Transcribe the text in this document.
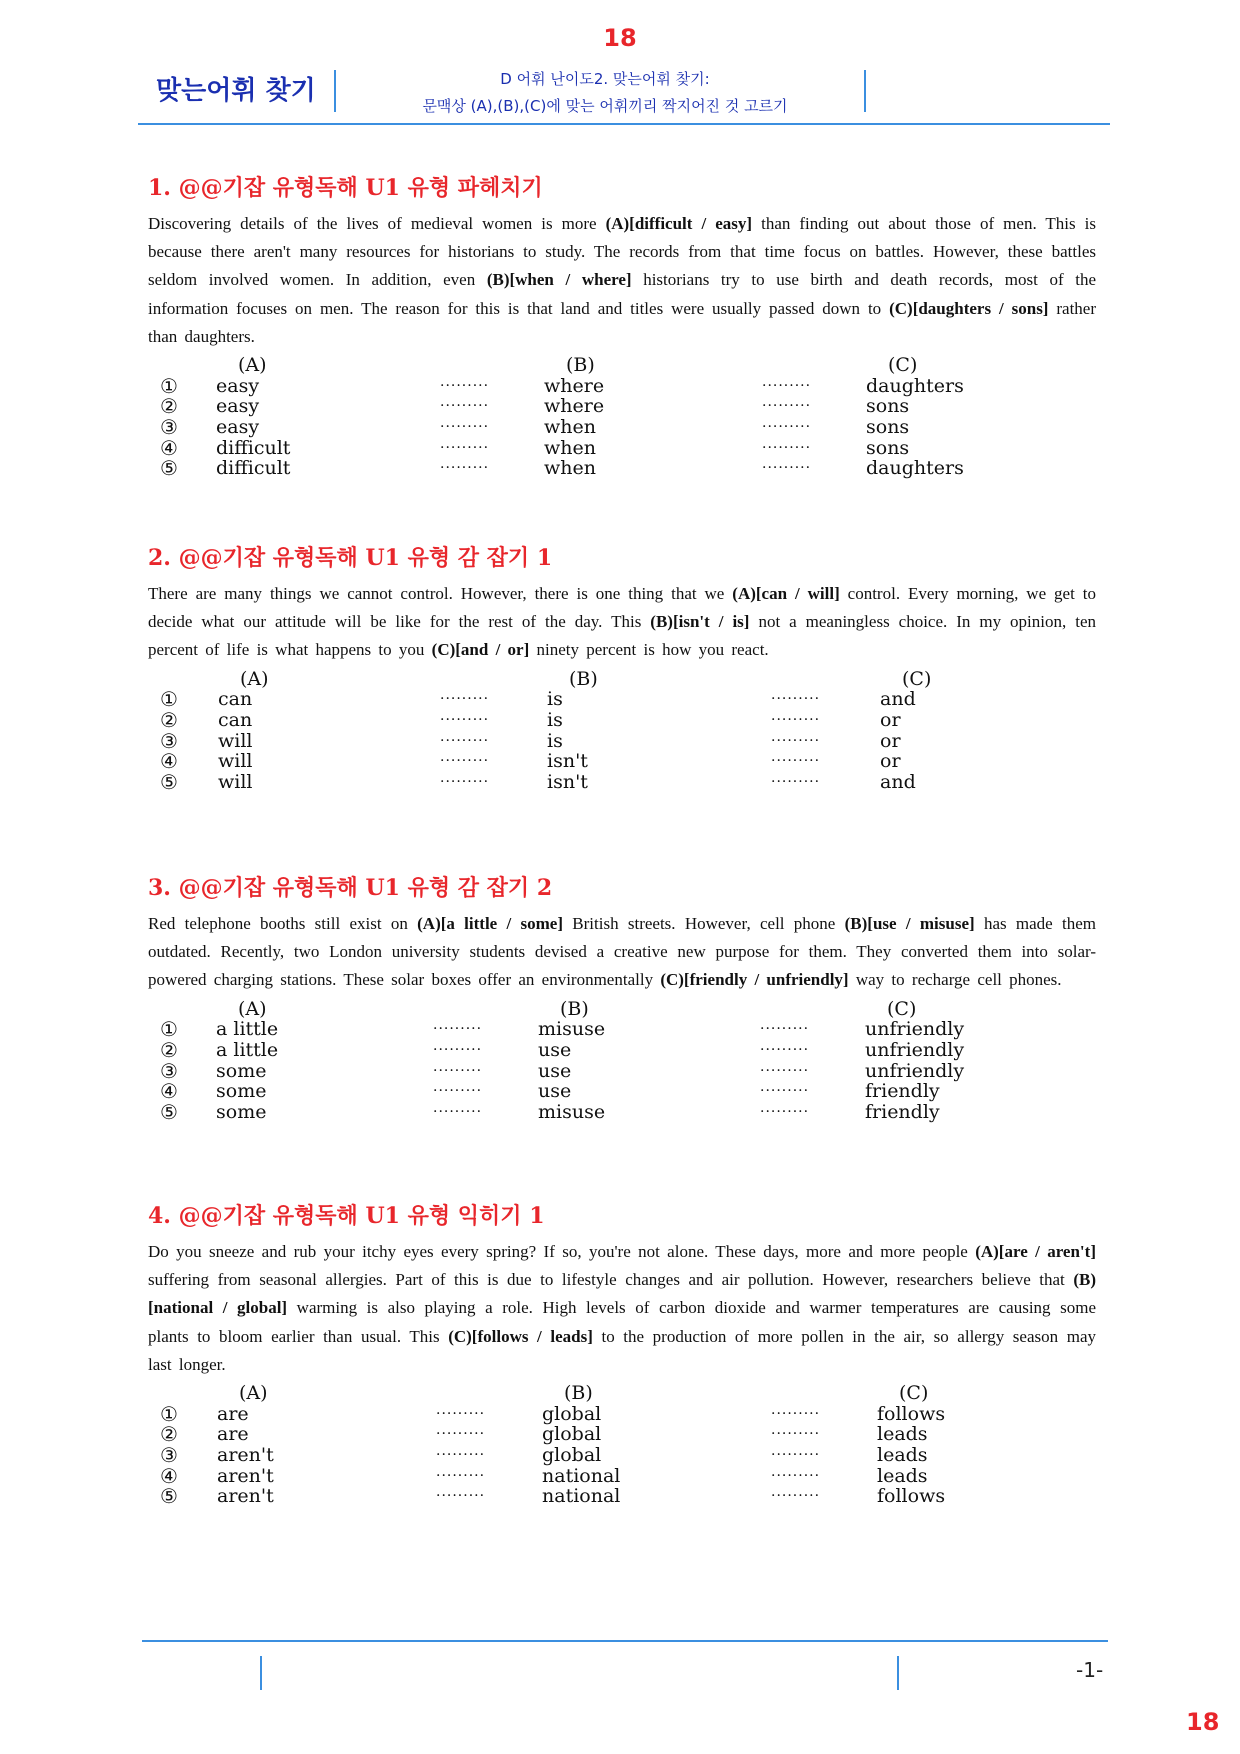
18
맞는어휘 찾기	D 어휘 난이도2. 맞는어휘 찾기:
문맥상 (A),(B),(C)에 맞는 어휘끼리 짝지어진 것 고르기
1. @@기잡 유형독해 U1 유형 파헤치기
Discovering details of the lives of medieval women is more (A)[difficult / easy] than finding out about those of men. This is because there aren't many resources for historians to study. The records from that time focus on battles. However, these battles seldom involved women. In addition, even (B)[when / where] historians try to use birth and death records, most of the information focuses on men. The reason for this is that land and titles were usually passed down to (C)[daughters / sons] rather than daughters.
(A)	(B)	(C)
① easy	where	daughters
·········	·········
② easy	where	sons
·········	·········
③ easy	when	sons
·········	·········
④ difficult	when	sons
·········	·········
⑤ difficult	when	daughters
·········	·········
2. @@기잡 유형독해 U1 유형 감 잡기 1
There are many things we cannot control. However, there is one thing that we (A)[can / will] control. Every morning, we get to decide what our attitude will be like for the rest of the day. This (B)[isn't / is] not a meaningless choice. In my opinion, ten percent of life is what happens to you (C)[and / or] ninety percent is how you react.
(A)	(B)	(C)
① can	is	and
·········	·········
② can	is	or
·········	·········
③ will	is	or
·········	·········
④ will	isn't	or
·········	·········
⑤ will	isn't	and
·········	·········
3. @@기잡 유형독해 U1 유형 감 잡기 2
Red telephone booths still exist on (A)[a little / some] British streets. However, cell phone (B)[use / misuse] has made them outdated. Recently, two London university students devised a creative new purpose for them. They converted them into solar-powered charging stations. These solar boxes offer an environmentally (C)[friendly / unfriendly] way to recharge cell phones.
(A)	(B)	(C)
① a little	misuse	unfriendly
·········	·········
② a little	use	unfriendly
·········	·········
③ some	use	unfriendly
·········	·········
④ some	use	friendly
·········	·········
⑤ some	misuse	friendly
·········	·········
4. @@기잡 유형독해 U1 유형 익히기 1
Do you sneeze and rub your itchy eyes every spring? If so, you're not alone. These days, more and more people (A)[are / aren't] suffering from seasonal allergies. Part of this is due to lifestyle changes and air pollution. However, researchers believe that (B)[national / global] warming is also playing a role. High levels of carbon dioxide and warmer temperatures are causing some plants to bloom earlier than usual. This (C)[follows / leads] to the production of more pollen in the air, so allergy season may last longer.
(A)	(B)	(C)
① are	global	follows
·········	·········
② are	global	leads
·········	·········
③ aren't	global	leads
·········	·········
④ aren't	national	leads
·········	·········
⑤ aren't	national	follows
·········	·········
-1-
18
